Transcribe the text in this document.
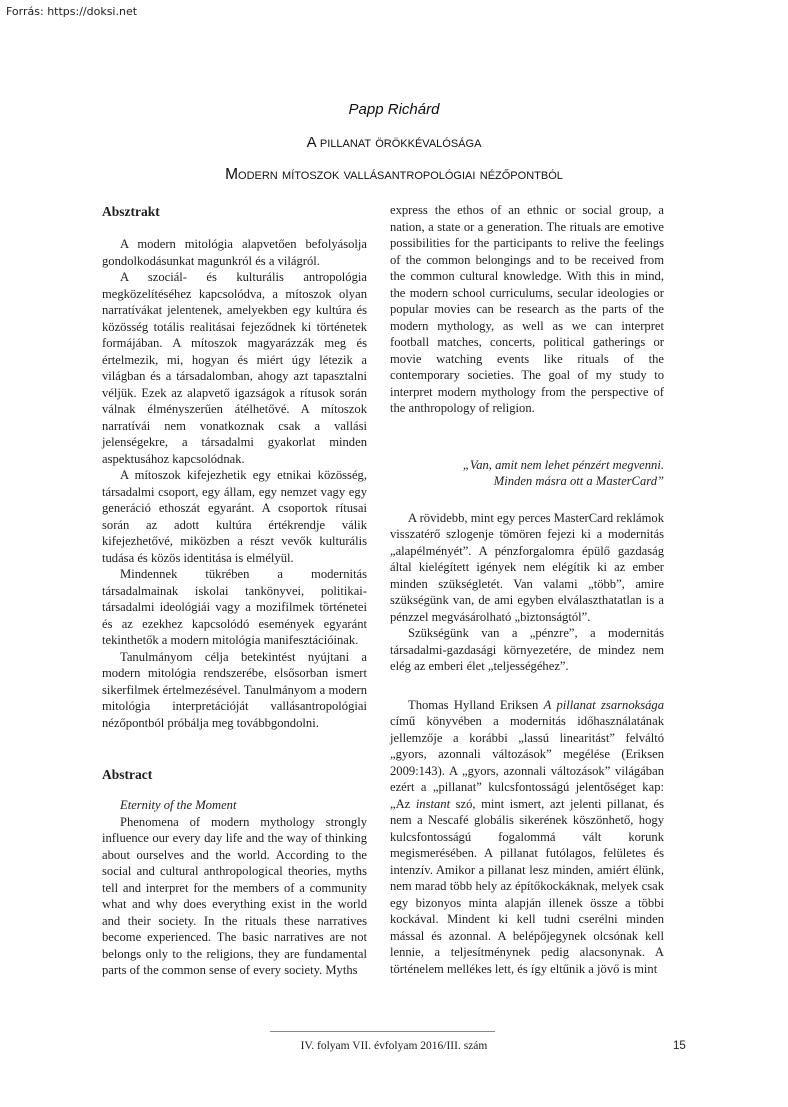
Forrás: https://doksi.net
Papp Richárd
A pillanat örökkévalósága
Modern mítoszok vallásantropológiai nézőpontból
Absztrakt

A modern mitológia alapvetően befolyásolja gondolkodásunkat magunkról és a világról.

A szociál- és kulturális antropológia megközelítéséhez kapcsolódva, a mítoszok olyan narratívákat jelentenek, amelyekben egy kultúra és közösség totális realitásai fejeződnek ki történetek formájában. A mítoszok magyarázzák meg és értelmezik, mi, hogyan és miért úgy létezik a világban és a társadalomban, ahogy azt tapasztalni véljük. Ezek az alapvető igazságok a rítusok során válnak élményszerűen átélhetővé. A mítoszok narratívái nem vonatkoznak csak a vallási jelenségekre, a társadalmi gyakorlat minden aspektusához kapcsolódnak.

A mítoszok kifejezhetik egy etnikai közösség, társadalmi csoport, egy állam, egy nemzet vagy egy generáció ethoszát egyaránt. A csoportok rítusai során az adott kultúra értékrendje válik kifejezhetővé, miközben a részt vevők kulturális tudása és közös identitása is elmélyül.

Mindennek tükrében a modernitás társadalmainak iskolai tankönyvei, politikai-társadalmi ideológiái vagy a mozifilmek történetei és az ezekhez kapcsolódó események egyaránt tekinthetők a modern mitológia manifesztációinak.

Tanulmányom célja betekintést nyújtani a modern mitológia rendszerébe, elsősorban ismert sikerfilmek értelmezésével. Tanulmányom a modern mitológia interpretációját vallásantropológiai nézőpontból próbálja meg továbbgondolni.

Abstract

Eternity of the Moment

Phenomena of modern mythology strongly influence our every day life and the way of thinking about ourselves and the world. According to the social and cultural anthropological theories, myths tell and interpret for the members of a community what and why does everything exist in the world and their society. In the rituals these narratives become experienced. The basic narratives are not belongs only to the religions, they are fundamental parts of the common sense of every society. Myths

express the ethos of an ethnic or social group, a nation, a state or a generation. The rituals are emotive possibilities for the participants to relive the feelings of the common belongings and to be received from the common cultural knowledge. With this in mind, the modern school curriculums, secular ideologies or popular movies can be research as the parts of the modern mythology, as well as we can interpret football matches, concerts, political gatherings or movie watching events like rituals of the contemporary societies. The goal of my study to interpret modern mythology from the perspective of the anthropology of religion.

„Van, amit nem lehet pénzért megvenni.
Minden másra ott a MasterCard”

A rövidebb, mint egy perces MasterCard reklámok visszatérő szlogenje tömören fejezi ki a modernitás „alapélményét”. A pénzforgalomra épülő gazdaság által kielégített igények nem elégítik ki az ember minden szükségletét. Van valami „több”, amire szükségünk van, de ami egyben elválaszthatatlan is a pénzzel megvásárolható „biztonságtól”.

Szükségünk van a „pénzre”, a modernitás társadalmi-gazdasági környezetére, de mindez nem elég az emberi élet „teljességéhez”.

Thomas Hylland Eriksen A pillanat zsarnoksága című könyvében a modernitás időhasználatának jellemzője a korábbi „lassú linearitást” felváltó „gyors, azonnali változások” megélése (Eriksen 2009:143). A „gyors, azonnali változások” világában ezért a „pillanat” kulcsfontosságú jelentőséget kap: „Az instant szó, mint ismert, azt jelenti pillanat, és nem a Nescafé globális sikerének köszönhető, hogy kulcsfontosságú fogalommá vált korunk megismerésében. A pillanat futólagos, felületes és intenzív. Amikor a pillanat lesz minden, amiért élünk, nem marad több hely az építőkockáknak, melyek csak egy bizonyos minta alapján illenek össze a többi kockával. Mindent ki kell tudni cserélni minden mással és azonnal. A belépőjegynek olcsónak kell lennie, a teljesítménynek pedig alacsonynak. A történelem mellékes lett, és így eltűnik a jövő is mint

IV. folyam VII. évfolyam 2016/III. szám	15
